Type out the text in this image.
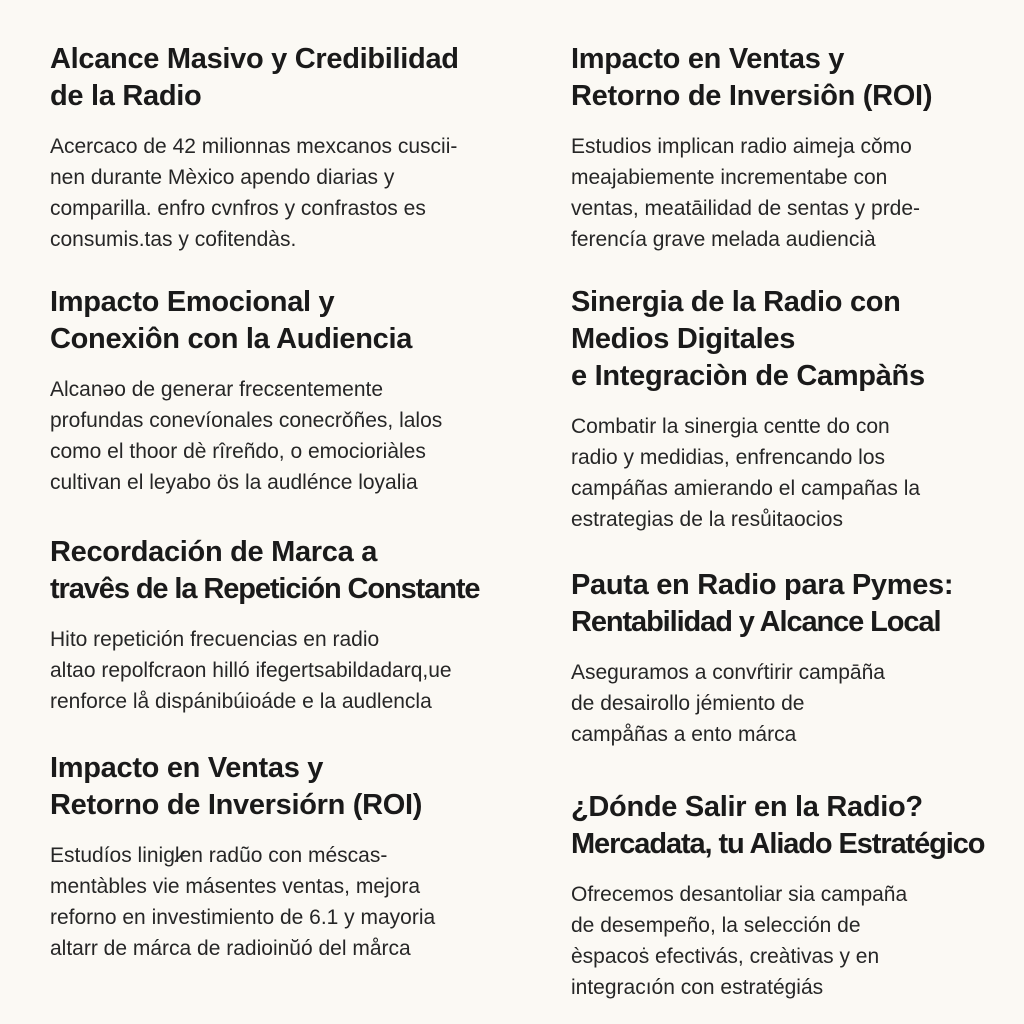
Alcance Masivo y Credibilidad
de la Radio

Acercaco de 42 milionnas mexcanos cuscii-
nen durante Mèxico apendo diarias y
comparilla. enfro cvnfros y confrastos es
consumis.tas y cofitendàs.

Impacto Emocional y
Conexiôn con la Audiencia

Alcanǝo de generar frecɛentemente
profundas conevíonales conecrǒñes, lalos
como el thoor dè rîreñdo, o emocioriàles
cultivan el leyabo ös la audlénce loyalia

Recordación de Marca a
travês de la Repetición Constante

Hito repetición frecuencias en radio
altao repolfcraon hilló ifegertsabildadarq,ue
renforce lå dispánibúioáde e la audlencla

Impacto en Ventas y
Retorno de Inversiórn (ROI)

Estudíos linigl̷en radũo con méscas-
mentàbles vie másentes ventas, mejora
reforno en investimiento de 6.1 y mayoria
altarr de márca de radioinŭó del mårca

Impacto en Ventas y
Retorno de Inversiôn (ROI)

Estudios implican radio aimeja cǒmo
meajabiemente incrementabe con
ventas, meatāilidad de sentas y prde-
ferencía grave melada audiencià

Sinergia de la Radio con
Medios Digitales
e Integraciòn de Campàñs

Combatir la sinergia centte do con
radio y medidias, enfrencando los
campáñas amierando el campañas la
estrategias de la resůitaocios

Pauta en Radio para Pymes:
Rentabilidad y Alcance Local

Aseguramos a convŕtirir campāña
de desairollo jémiento de
campåñas a ento márca

¿Dónde Salir en la Radio?
Mercadata, tu Aliado Estratégico

Ofrecemos desantoliar sia campaña
de desempeño, la selección de
èspacoṡ efectivás, creàtivas y en
integracıón con estratégiás
